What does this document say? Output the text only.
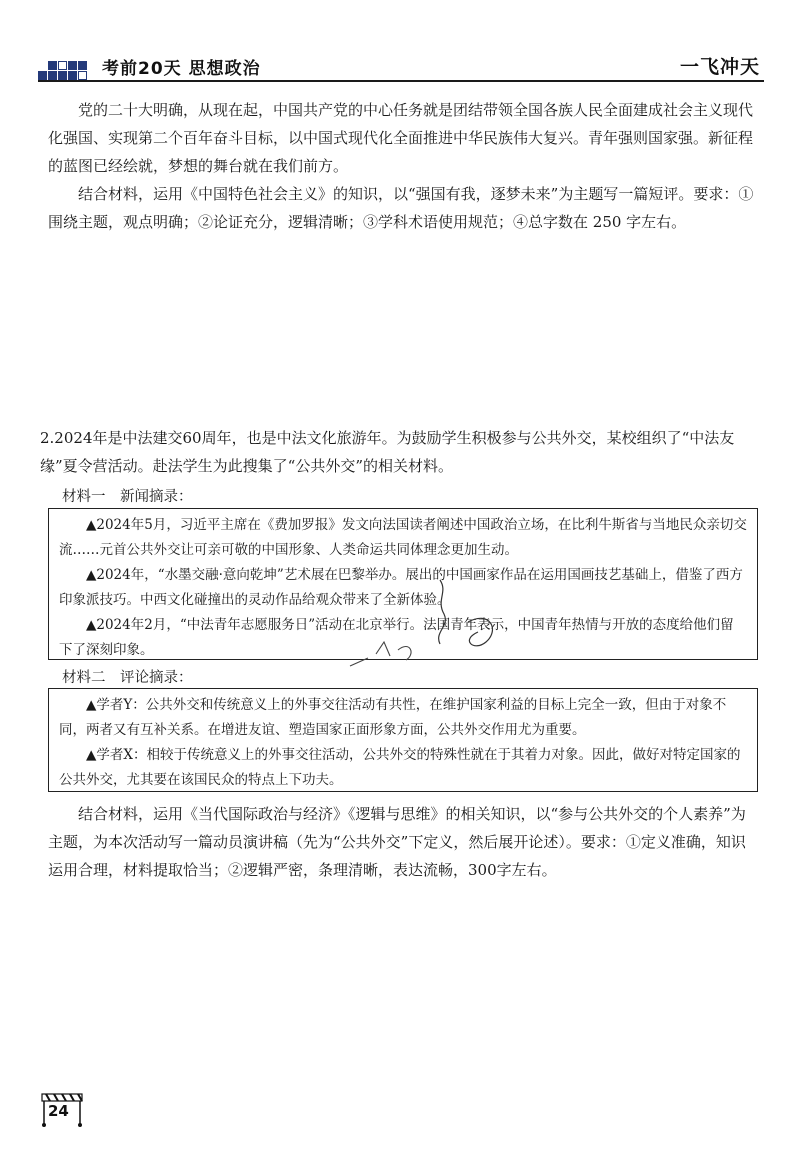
考前20天 思想政治	一飞冲天

党的二十大明确，从现在起，中国共产党的中心任务就是团结带领全国各族人民全面建成社会主义现代化强国、实现第二个百年奋斗目标，以中国式现代化全面推进中华民族伟大复兴。青年强则国家强。新征程的蓝图已经绘就，梦想的舞台就在我们前方。

结合材料，运用《中国特色社会主义》的知识，以“强国有我，逐梦未来”为主题写一篇短评。要求：①围绕主题，观点明确；②论证充分，逻辑清晰；③学科术语使用规范；④总字数在 250 字左右。

2.2024年是中法建交60周年，也是中法文化旅游年。为鼓励学生积极参与公共外交，某校组织了“中法友缘”夏令营活动。赴法学生为此搜集了“公共外交”的相关材料。

材料一　新闻摘录：

▲2024年5月，习近平主席在《费加罗报》发文向法国读者阐述中国政治立场，在比利牛斯省与当地民众亲切交流……元首公共外交让可亲可敬的中国形象、人类命运共同体理念更加生动。

▲2024年，“水墨交融·意向乾坤”艺术展在巴黎举办。展出的中国画家作品在运用国画技艺基础上，借鉴了西方印象派技巧。中西文化碰撞出的灵动作品给观众带来了全新体验。

▲2024年2月，“中法青年志愿服务日”活动在北京举行。法国青年表示，中国青年热情与开放的态度给他们留下了深刻印象。

材料二　评论摘录：

▲学者Y：公共外交和传统意义上的外事交往活动有共性，在维护国家利益的目标上完全一致，但由于对象不同，两者又有互补关系。在增进友谊、塑造国家正面形象方面，公共外交作用尤为重要。

▲学者X：相较于传统意义上的外事交往活动，公共外交的特殊性就在于其着力对象。因此，做好对特定国家的公共外交，尤其要在该国民众的特点上下功夫。

结合材料，运用《当代国际政治与经济》《逻辑与思维》的相关知识，以“参与公共外交的个人素养”为主题，为本次活动写一篇动员演讲稿（先为“公共外交”下定义，然后展开论述）。要求：①定义准确，知识运用合理，材料提取恰当；②逻辑严密，条理清晰，表达流畅，300字左右。

24
